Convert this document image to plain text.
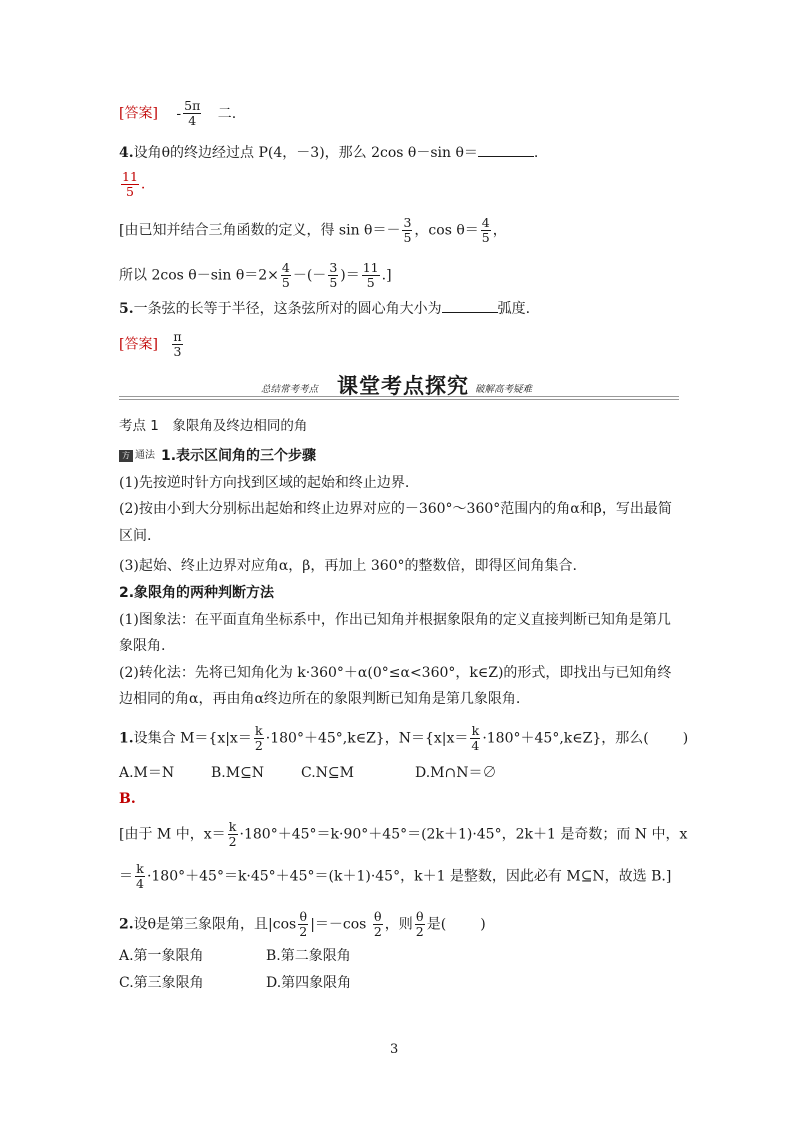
[答案] - $\frac{5\pi}{4}$ 二.
4.设角θ的终边经过点 P(4，－3)，那么 2cos θ－sin θ＝	.
$\frac{11}{5}$ .
[由已知并结合三角函数的定义，得 $\sin \theta=- \frac{3}{5}$ ，$\cos \theta= \frac{4}{5}$ ，
所以 2cos θ－sin $\theta=2\times \frac{4}{5}$ －(－ $\frac{3}{5}$ )＝ $\frac{11}{5}$ .]
5.一条弦的长等于半径，这条弦所对的圆心角大小为	弧度.
[答案] $\frac{\pi}{3}$
总结常考考点 课堂考点探究 破解高考疑难
考点 1　象限角及终边相同的角
方 通法 1.表示区间角的三个步骤
(1)先按逆时针方向找到区域的起始和终止边界.
(2)按由小到大分别标出起始和终止边界对应的－360°～360°范围内的角α和β，写出最简
区间.
(3)起始、终止边界对应角α，β，再加上 360°的整数倍，即得区间角集合.
2.象限角的两种判断方法
(1)图象法：在平面直角坐标系中，作出已知角并根据象限角的定义直接判断已知角是第几
象限角.
(2)转化法：先将已知角化为 k·360°＋α(0°≤α<360°，k∈Z)的形式，即找出与已知角终
边相同的角α，再由角α终边所在的象限判断已知角是第几象限角.
1.设集合 $M=\{x|x= \frac{k}{2}$ ·180°＋45°,k∈Z}，$N=\{x|x= \frac{k}{4}$ ·180°＋45°,k∈Z}，那么( )
A.M＝N	B.M⊆N	C.N⊆M	D.M∩N＝∅
B.
[由于 M 中，$x= \frac{k}{2} \cdot 180^\circ+45^\circ=k\cdot 90^\circ+45^\circ=(2k+1)\cdot 45^\circ$，2k＋1 是奇数；而 N 中，x
＝ $\frac{k}{4} \cdot 180^\circ+45^\circ=k\cdot 45^\circ+45^\circ=(k+1)\cdot 45^\circ$，k＋1 是整数，因此必有 M⊆N，故选 B.]
2.设θ是第三象限角，且$|\cos \frac{\theta}{2} |=-\cos \frac{\theta}{2}$ ，则 $\frac{\theta}{2}$ 是( )
A.第一象限角	B.第二象限角
C.第三象限角	D.第四象限角
3
